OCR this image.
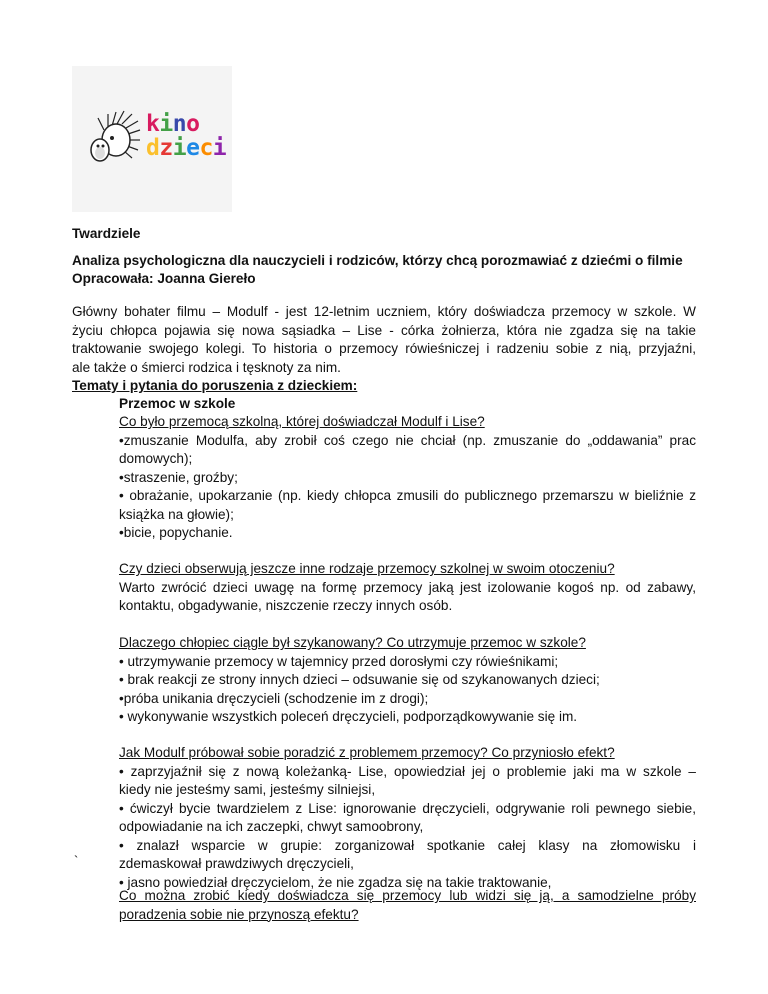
kino
dzieci

Twardziele

Analiza psychologiczna dla nauczycieli i rodziców, którzy chcą porozmawiać z dziećmi o filmie

Opracowała: Joanna Giereło

Główny bohater filmu – Modulf - jest 12-letnim uczniem, który doświadcza przemocy w szkole. W

życiu chłopca pojawia się nowa sąsiadka – Lise - córka żołnierza, która nie zgadza się na takie

traktowanie swojego kolegi. To historia o przemocy rówieśniczej i radzeniu sobie z nią, przyjaźni,

ale także o śmierci rodzica i tęsknoty za nim.

Tematy i pytania do poruszenia z dzieckiem:

Przemoc w szkole

Co było przemocą szkolną, której doświadczał Modulf i Lise?

•zmuszanie Modulfa, aby zrobił coś czego nie chciał (np. zmuszanie do „oddawania” prac

domowych);

•straszenie, groźby;

• obrażanie, upokarzanie (np. kiedy chłopca zmusili do publicznego przemarszu w bieliźnie z

książka na głowie);

•bicie, popychanie.

Czy dzieci obserwują jeszcze inne rodzaje przemocy szkolnej w swoim otoczeniu?

Warto zwrócić dzieci uwagę na formę przemocy jaką jest izolowanie kogoś np. od zabawy,

kontaktu, obgadywanie, niszczenie rzeczy innych osób.

Dlaczego chłopiec ciągle był szykanowany? Co utrzymuje przemoc w szkole?

• utrzymywanie przemocy w tajemnicy przed dorosłymi czy rówieśnikami;

• brak reakcji ze strony innych dzieci – odsuwanie się od szykanowanych dzieci;

•próba unikania dręczycieli (schodzenie im z drogi);

• wykonywanie wszystkich poleceń dręczycieli, podporządkowywanie się im.

Jak Modulf próbował sobie poradzić z problemem przemocy? Co przyniosło efekt?

• zaprzyjaźnił się z nową koleżanką- Lise, opowiedział jej o problemie jaki ma w szkole –

kiedy nie jesteśmy sami, jesteśmy silniejsi,

• ćwiczył bycie twardzielem z Lise: ignorowanie dręczycieli, odgrywanie roli pewnego siebie,

odpowiadanie na ich zaczepki, chwyt samoobrony,

• znalazł wsparcie w grupie: zorganizował spotkanie całej klasy na złomowisku i

zdemaskował prawdziwych dręczycieli,

• jasno powiedział dręczycielom, że nie zgadza się na takie traktowanie,

`

Co można zrobić kiedy doświadcza się przemocy lub widzi się ją, a samodzielne próby

poradzenia sobie nie przynoszą efektu?
